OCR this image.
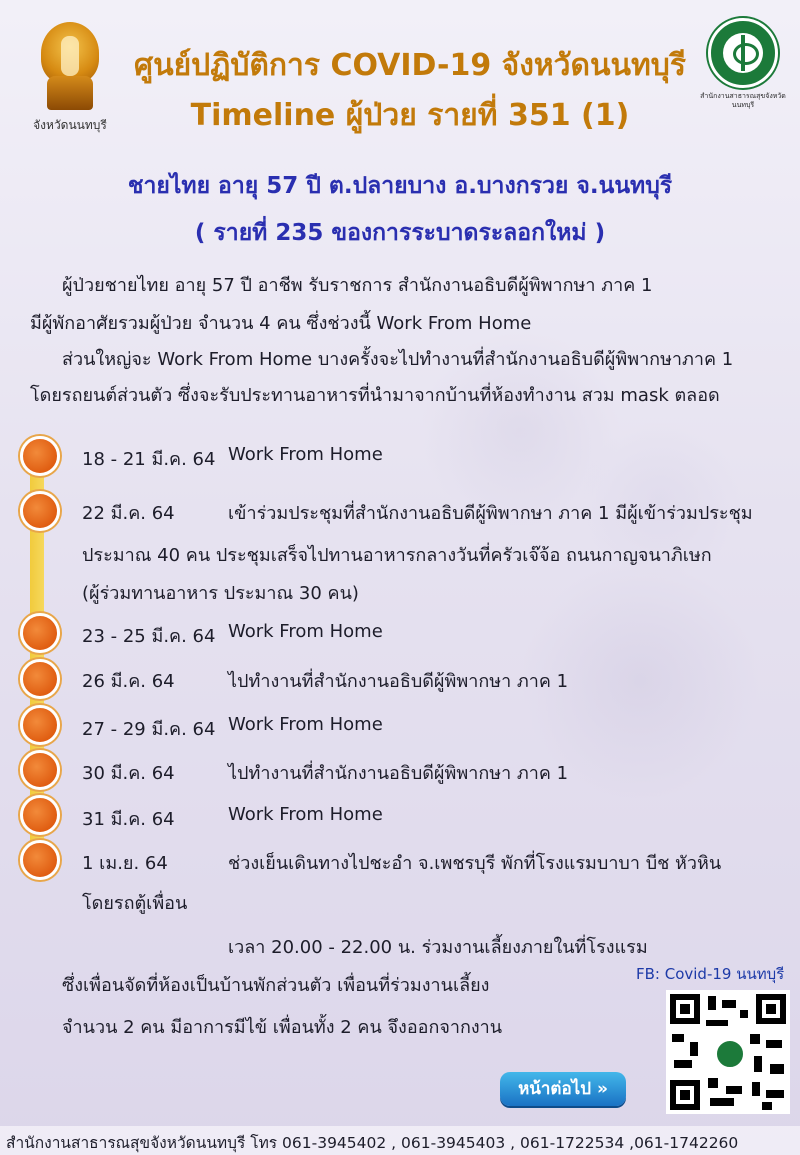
จังหวัดนนทบุรี
สำนักงานสาธารณสุขจังหวัดนนทบุรี
ศูนย์ปฏิบัติการ COVID-19 จังหวัดนนทบุรี
Timeline ผู้ป่วย รายที่ 351 (1)
ชายไทย อายุ 57 ปี ต.ปลายบาง อ.บางกรวย จ.นนทบุรี
( รายที่ 235 ของการระบาดระลอกใหม่ )
ผู้ป่วยชายไทย อายุ 57 ปี อาชีพ รับราชการ สำนักงานอธิบดีผู้พิพากษา ภาค 1
มีผู้พักอาศัยรวมผู้ป่วย จำนวน 4 คน ซึ่งช่วงนี้ Work From Home
ส่วนใหญ่จะ Work From Home บางครั้งจะไปทำงานที่สำนักงานอธิบดีผู้พิพากษาภาค 1
โดยรถยนต์ส่วนตัว ซึ่งจะรับประทานอาหารที่นำมาจากบ้านที่ห้องทำงาน สวม mask ตลอด
18 - 21 มี.ค. 64 Work From Home
22 มี.ค. 64	เข้าร่วมประชุมที่สำนักงานอธิบดีผู้พิพากษา ภาค 1 มีผู้เข้าร่วมประชุม
ประมาณ 40 คน ประชุมเสร็จไปทานอาหารกลางวันที่ครัวเจ๊จ้อ ถนนกาญจนาภิเษก
(ผู้ร่วมทานอาหาร ประมาณ 30 คน)
23 - 25 มี.ค. 64 Work From Home
26 มี.ค. 64	ไปทำงานที่สำนักงานอธิบดีผู้พิพากษา ภาค 1
27 - 29 มี.ค. 64 Work From Home
30 มี.ค. 64	ไปทำงานที่สำนักงานอธิบดีผู้พิพากษา ภาค 1
31 มี.ค. 64	Work From Home
1 เม.ย. 64	ช่วงเย็นเดินทางไปชะอำ จ.เพชรบุรี พักที่โรงแรมบาบา บีช หัวหิน
โดยรถตู้เพื่อน
เวลา 20.00 - 22.00 น. ร่วมงานเลี้ยงภายในที่โรงแรม
ซึ่งเพื่อนจัดที่ห้องเป็นบ้านพักส่วนตัว เพื่อนที่ร่วมงานเลี้ยง
จำนวน 2 คน มีอาการมีไข้ เพื่อนทั้ง 2 คน จึงออกจากงาน
FB: Covid-19 นนทบุรี
หน้าต่อไป »
สำนักงานสาธารณสุขจังหวัดนนทบุรี โทร 061-3945402 , 061-3945403 , 061-1722534 ,061-1742260
